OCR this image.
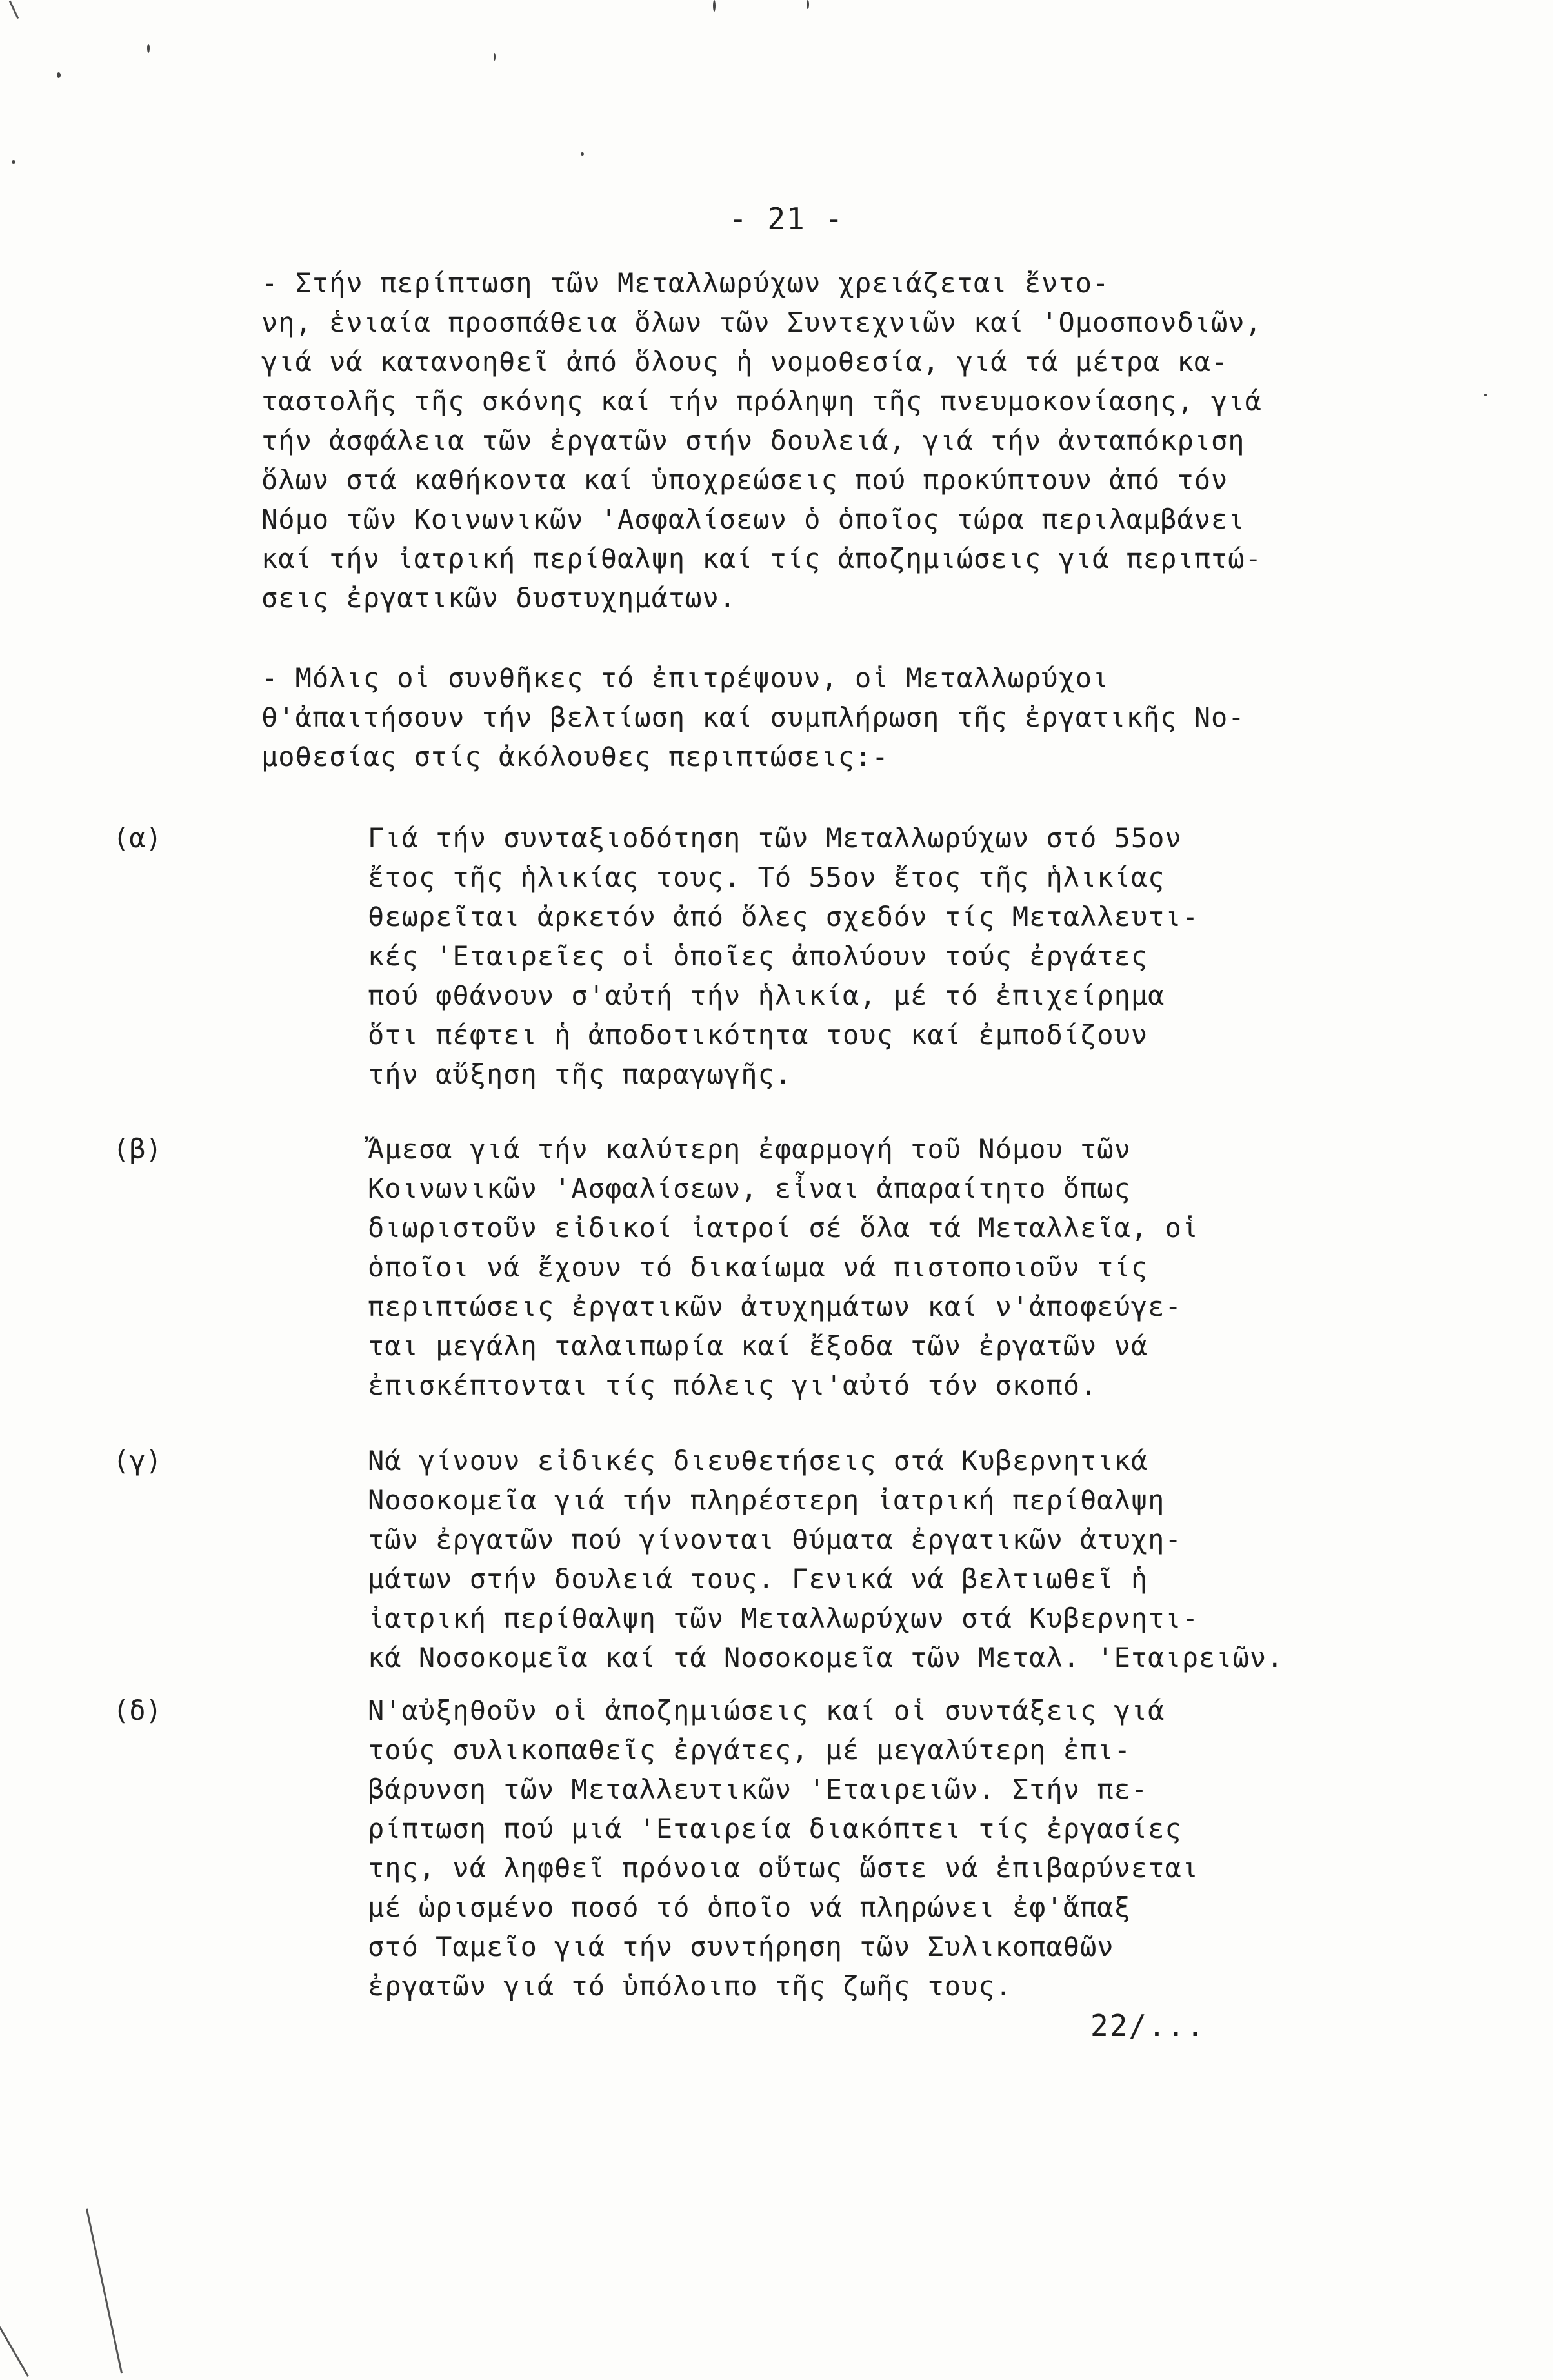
- 21 -
- Στήν περίπτωση τῶν Μεταλλωρύχων χρειάζεται ἔντο-
νη, ἑνιαία προσπάθεια ὅλων τῶν Συντεχνιῶν καί 'Ομοσπονδιῶν,
γιά νά κατανοηθεῖ ἀπό ὅλους ἡ νομοθεσία, γιά τά μέτρα κα-
ταστολῆς τῆς σκόνης καί τήν πρόληψη τῆς πνευμοκονίασης, γιά
τήν ἀσφάλεια τῶν ἐργατῶν στήν δουλειά, γιά τήν ἀνταπόκριση
ὅλων στά καθήκοντα καί ὑποχρεώσεις πού προκύπτουν ἀπό τόν
Νόμο τῶν Κοινωνικῶν 'Ασφαλίσεων ὁ ὁποῖος τώρα περιλαμβάνει
καί τήν ἰατρική περίθαλψη καί τίς ἀποζημιώσεις γιά περιπτώ-
σεις ἐργατικῶν δυστυχημάτων.
- Μόλις οἱ συνθῆκες τό ἐπιτρέψουν, οἱ Μεταλλωρύχοι
θ'ἀπαιτήσουν τήν βελτίωση καί συμπλήρωση τῆς ἐργατικῆς Νο-
μοθεσίας στίς ἀκόλουθες περιπτώσεις:-
(α)	Γιά τήν συνταξιοδότηση τῶν Μεταλλωρύχων στό 55ον
ἔτος τῆς ἡλικίας τους. Τό 55ον ἔτος τῆς ἡλικίας
θεωρεῖται ἀρκετόν ἀπό ὅλες σχεδόν τίς Μεταλλευτι-
κές 'Εταιρεῖες οἱ ὁποῖες ἀπολύουν τούς ἐργάτες
πού φθάνουν σ'αὐτή τήν ἡλικία, μέ τό ἐπιχείρημα
ὅτι πέφτει ἡ ἀποδοτικότητα τους καί ἐμποδίζουν
τήν αὔξηση τῆς παραγωγῆς.
(β)	Ἄμεσα γιά τήν καλύτερη ἐφαρμογή τοῦ Νόμου τῶν
Κοινωνικῶν 'Ασφαλίσεων, εἶναι ἀπαραίτητο ὅπως
διωριστοῦν εἰδικοί ἰατροί σέ ὅλα τά Μεταλλεῖα, οἱ
ὁποῖοι νά ἔχουν τό δικαίωμα νά πιστοποιοῦν τίς
περιπτώσεις ἐργατικῶν ἀτυχημάτων καί ν'ἀποφεύγε-
ται μεγάλη ταλαιπωρία καί ἔξοδα τῶν ἐργατῶν νά
ἐπισκέπτονται τίς πόλεις γι'αὐτό τόν σκοπό.
(γ)	Νά γίνουν εἰδικές διευθετήσεις στά Κυβερνητικά
Νοσοκομεῖα γιά τήν πληρέστερη ἰατρική περίθαλψη
τῶν ἐργατῶν πού γίνονται θύματα ἐργατικῶν ἀτυχη-
μάτων στήν δουλειά τους. Γενικά νά βελτιωθεῖ ἡ
ἰατρική περίθαλψη τῶν Μεταλλωρύχων στά Κυβερνητι-
κά Νοσοκομεῖα καί τά Νοσοκομεῖα τῶν Μεταλ. 'Εταιρειῶν.
(δ)	Ν'αὐξηθοῦν οἱ ἀποζημιώσεις καί οἱ συντάξεις γιά
τούς συλικοπαθεῖς ἐργάτες, μέ μεγαλύτερη ἐπι-
βάρυνση τῶν Μεταλλευτικῶν 'Εταιρειῶν. Στήν πε-
ρίπτωση πού μιά 'Εταιρεία διακόπτει τίς ἐργασίες
της, νά ληφθεῖ πρόνοια οὕτως ὥστε νά ἐπιβαρύνεται
μέ ὡρισμένο ποσό τό ὁποῖο νά πληρώνει ἐφ'ἅπαξ
στό Ταμεῖο γιά τήν συντήρηση τῶν Συλικοπαθῶν
ἐργατῶν γιά τό ὑπόλοιπο τῆς ζωῆς τους.
22/...
